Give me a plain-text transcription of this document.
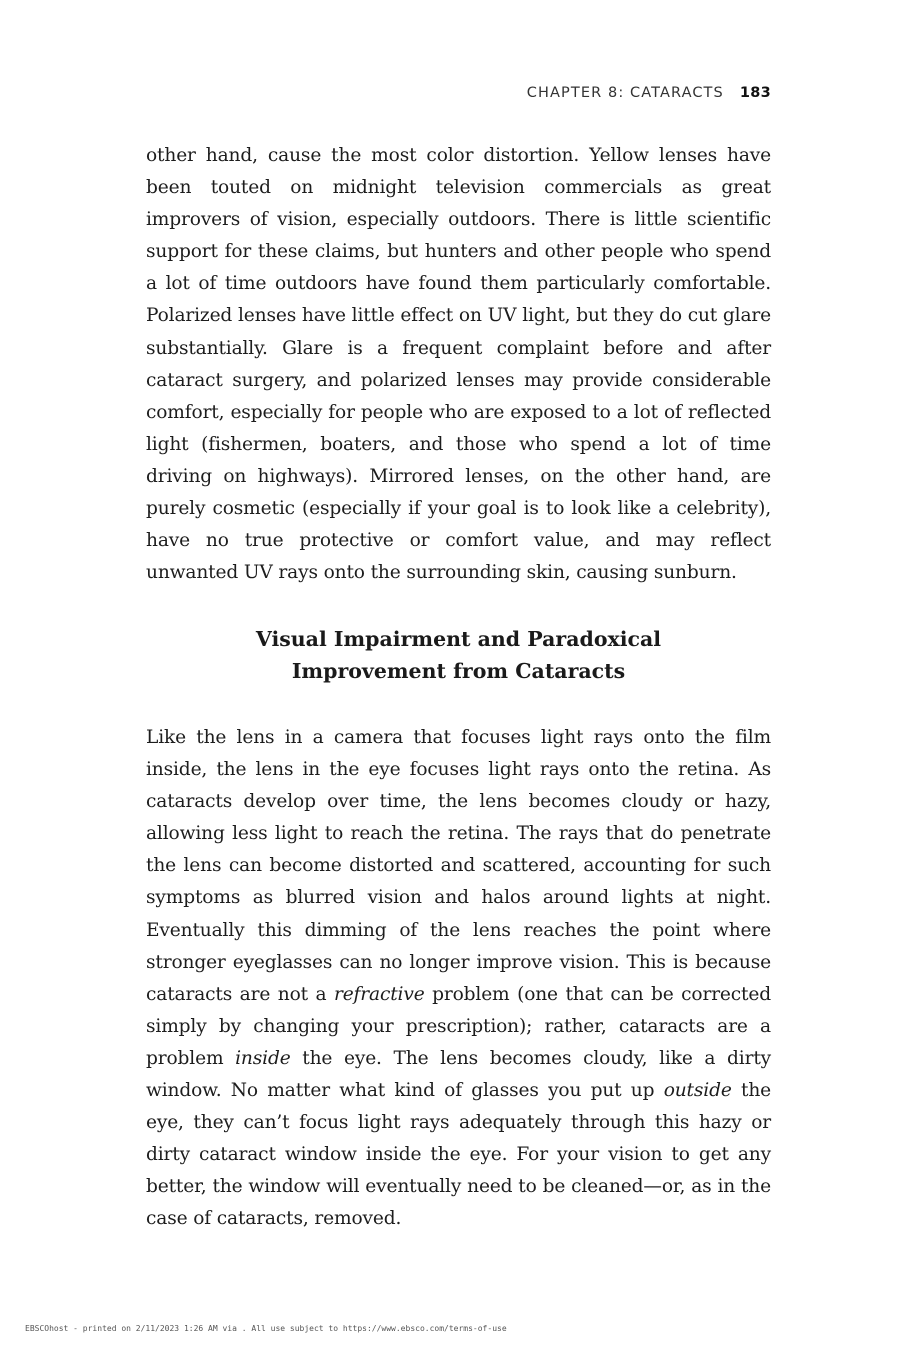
CHAPTER 8: CATARACTS 183

other hand, cause the most color distortion. Yellow lenses have been touted on midnight television commercials as great improvers of vision, especially outdoors. There is little scientific support for these claims, but hunters and other people who spend a lot of time outdoors have found them particularly comfortable. Polarized lenses have little effect on UV light, but they do cut glare substantially. Glare is a frequent complaint before and after cataract surgery, and polarized lenses may provide considerable comfort, especially for people who are exposed to a lot of reflected light (fishermen, boaters, and those who spend a lot of time driving on highways). Mirrored lenses, on the other hand, are purely cosmetic (especially if your goal is to look like a celebrity), have no true protective or comfort value, and may reflect unwanted UV rays onto the surrounding skin, causing sunburn.

Visual Impairment and Paradoxical
Improvement from Cataracts

Like the lens in a camera that focuses light rays onto the film inside, the lens in the eye focuses light rays onto the retina. As cataracts develop over time, the lens becomes cloudy or hazy, allowing less light to reach the retina. The rays that do penetrate the lens can become distorted and scattered, accounting for such symptoms as blurred vision and halos around lights at night. Eventually this dimming of the lens reaches the point where stronger eyeglasses can no longer improve vision. This is because cataracts are not a refractive problem (one that can be corrected simply by changing your prescription); rather, cataracts are a problem inside the eye. The lens becomes cloudy, like a dirty window. No matter what kind of glasses you put up outside the eye, they can’t focus light rays adequately through this hazy or dirty cataract window inside the eye. For your vision to get any better, the window will eventually need to be cleaned—or, as in the case of cataracts, removed.

EBSCOhost - printed on 2/11/2023 1:26 AM via . All use subject to https://www.ebsco.com/terms-of-use
